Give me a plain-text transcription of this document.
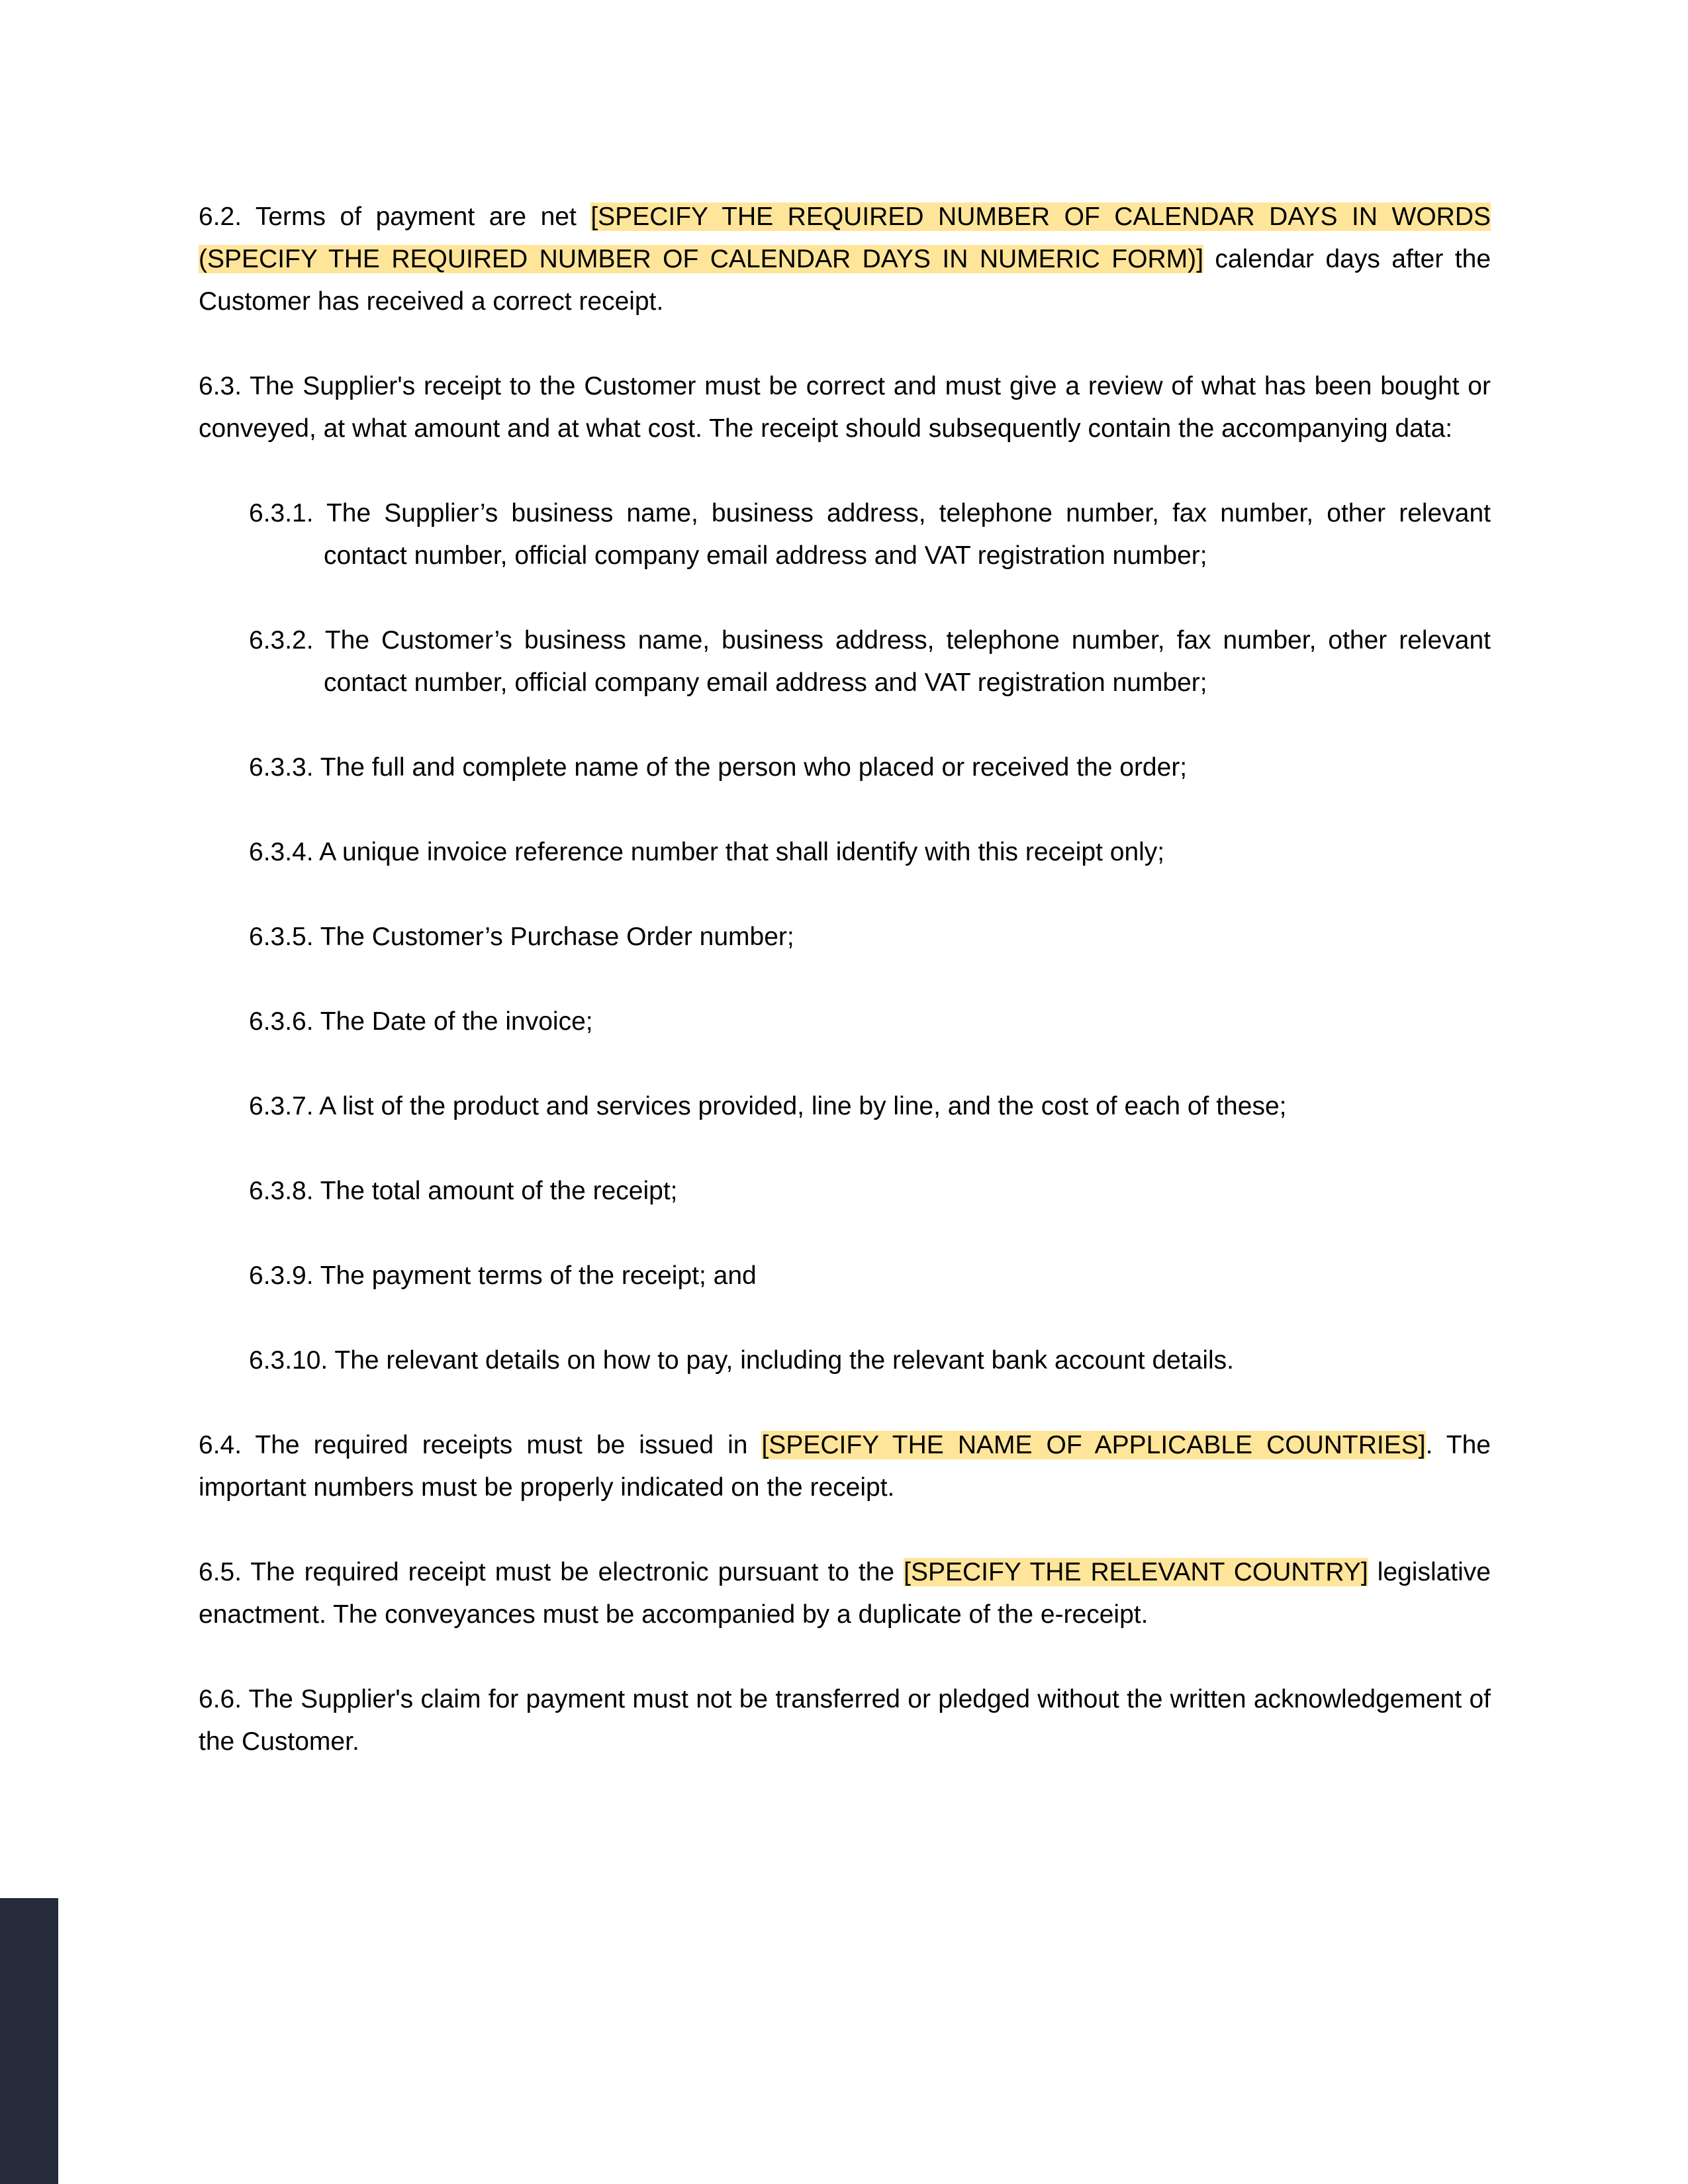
6.2. Terms of payment are net [SPECIFY THE REQUIRED NUMBER OF CALENDAR DAYS IN WORDS (SPECIFY THE REQUIRED NUMBER OF CALENDAR DAYS IN NUMERIC FORM)] calendar days after the Customer has received a correct receipt.

6.3. The Supplier's receipt to the Customer must be correct and must give a review of what has been bought or conveyed, at what amount and at what cost. The receipt should subsequently contain the accompanying data:

6.3.1. The Supplier’s business name, business address, telephone number, fax number, other relevant contact number, official company email address and VAT registration number;

6.3.2. The Customer’s business name, business address, telephone number, fax number, other relevant contact number, official company email address and VAT registration number;

6.3.3. The full and complete name of the person who placed or received the order;

6.3.4. A unique invoice reference number that shall identify with this receipt only;

6.3.5. The Customer’s Purchase Order number;

6.3.6. The Date of the invoice;

6.3.7. A list of the product and services provided, line by line, and the cost of each of these;

6.3.8. The total amount of the receipt;

6.3.9. The payment terms of the receipt; and

6.3.10. The relevant details on how to pay, including the relevant bank account details.

6.4. The required receipts must be issued in [SPECIFY THE NAME OF APPLICABLE COUNTRIES]. The important numbers must be properly indicated on the receipt.

6.5. The required receipt must be electronic pursuant to the [SPECIFY THE RELEVANT COUNTRY] legislative enactment. The conveyances must be accompanied by a duplicate of the e-receipt.

6.6. The Supplier's claim for payment must not be transferred or pledged without the written acknowledgement of the Customer.
